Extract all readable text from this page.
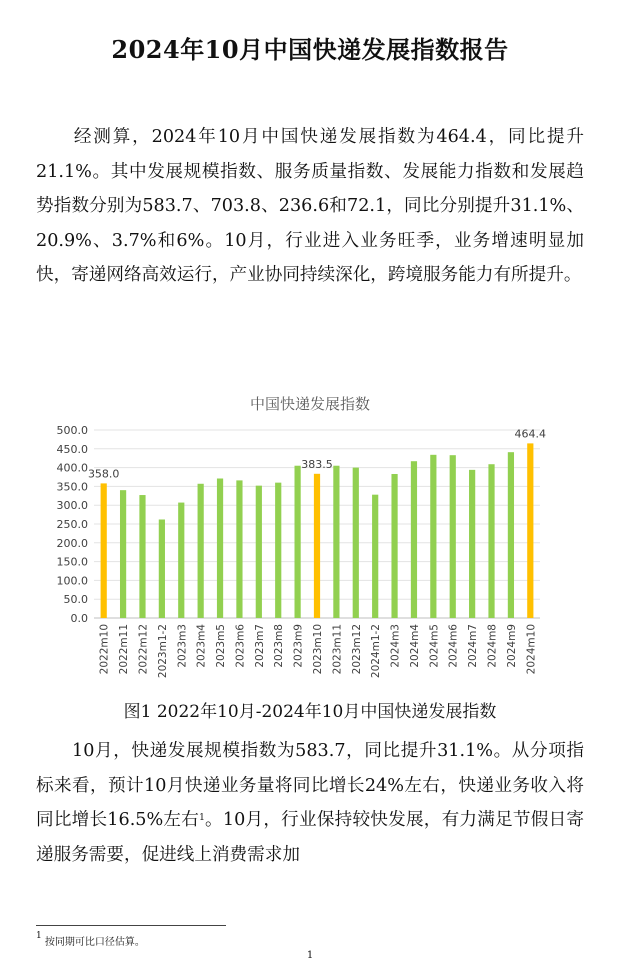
2024年10月中国快递发展指数报告
经测算，2024年10月中国快递发展指数为464.4，同比提升21.1%。其中发展规模指数、服务质量指数、发展能力指数和发展趋势指数分别为583.7、703.8、236.6和72.1，同比分别提升31.1%、20.9%、3.7%和6%。10月，行业进入业务旺季，业务增速明显加快，寄递网络高效运行，产业协同持续深化，跨境服务能力有所提升。
中国快递发展指数
0.0
50.0
100.0
150.0
200.0
250.0
300.0
350.0
400.0
450.0
500.0
358.0
2022m10 2022m11 2022m12 2023m1-2 2023m3 2023m4 2023m5 2023m6 2023m7 2023m8 2023m9
383.5
2023m10 2023m11 2023m12 2024m1-2 2024m3 2024m4 2024m5 2024m6 2024m7 2024m8 2024m9
464.4
2024m10
图1 2022年10月-2024年10月中国快递发展指数
10月，快递发展规模指数为583.7，同比提升31.1%。从分项指标来看，预计10月快递业务量将同比增长24%左右，快递业务收入将同比增长16.5%左右$^1$。10月，行业保持较快发展，有力满足节假日寄递服务需要，促进线上消费需求加
$^1$ 按同期可比口径估算。
1
